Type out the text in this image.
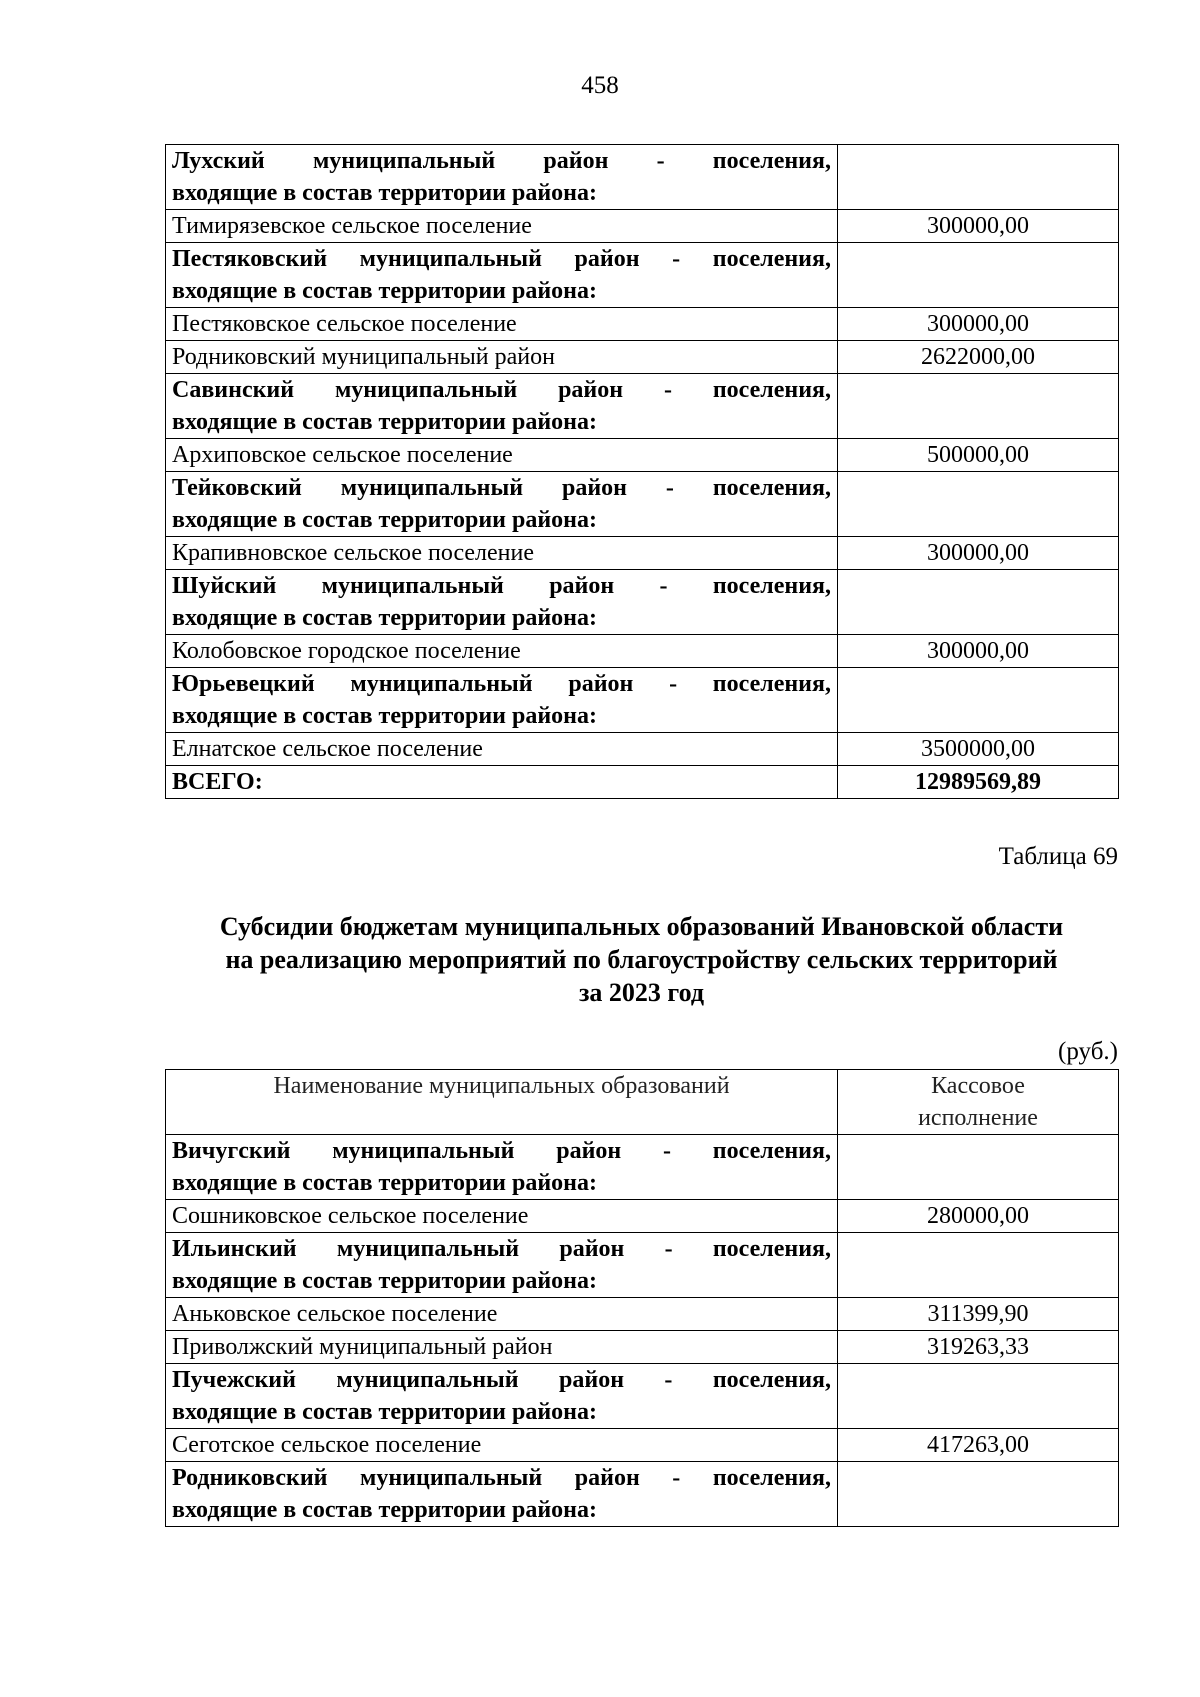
458
Лухский муниципальный район - поселения,
входящие в состав территории района:	

Тимирязевское сельское поселение	300000,00

Пестяковский муниципальный район - поселения,
входящие в состав территории района:	

Пестяковское сельское поселение	300000,00
Родниковский муниципальный район	2622000,00

Савинский муниципальный район - поселения,
входящие в состав территории района:	

Архиповское сельское поселение	500000,00

Тейковский муниципальный район - поселения,
входящие в состав территории района:	

Крапивновское сельское поселение	300000,00

Шуйский муниципальный район - поселения,
входящие в состав территории района:	

Колобовское городское поселение	300000,00

Юрьевецкий муниципальный район - поселения,
входящие в состав территории района:	

Елнатское сельское поселение	3500000,00
ВСЕГО:	12989569,89
Таблица 69
Субсидии бюджетам муниципальных образований Ивановской области
на реализацию мероприятий по благоустройству сельских территорий
за 2023 год
(руб.)
Наименование муниципальных образований	Кассовое
исполнение

Вичугский муниципальный район - поселения,
входящие в состав территории района:	

Сошниковское сельское поселение	280000,00

Ильинский муниципальный район - поселения,
входящие в состав территории района:	

Аньковское сельское поселение	311399,90
Приволжский муниципальный район	319263,33

Пучежский муниципальный район - поселения,
входящие в состав территории района:	

Сеготское сельское поселение	417263,00

Родниковский муниципальный район - поселения,
входящие в состав территории района:	
